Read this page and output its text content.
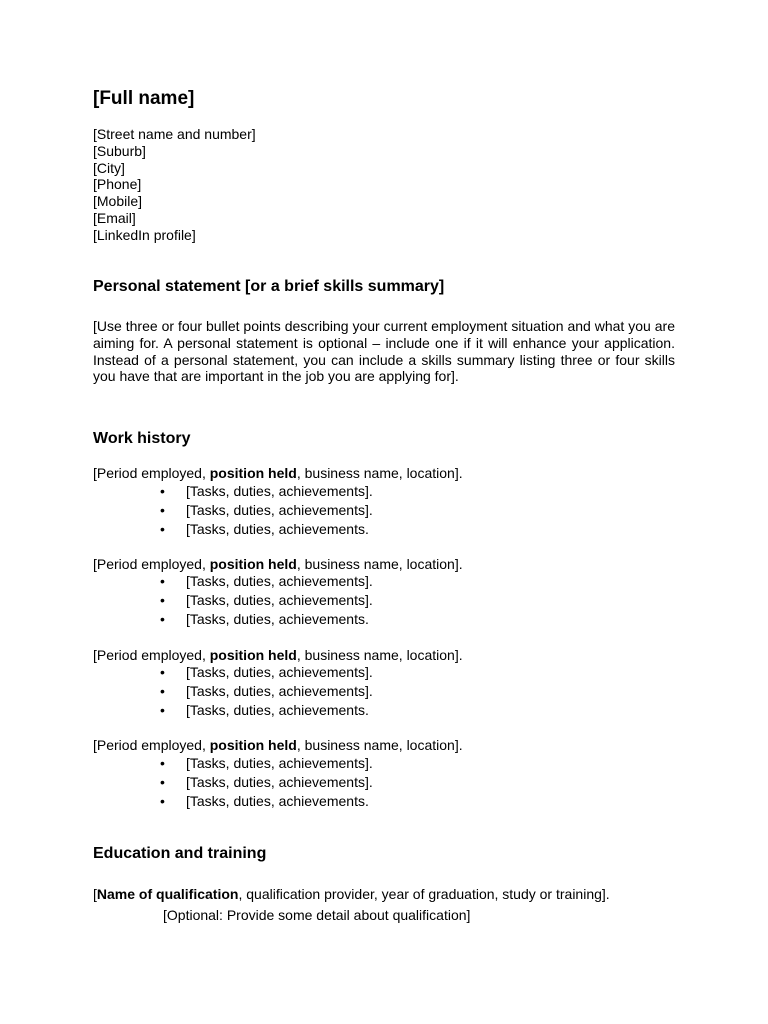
[Full name]
[Street name and number]
[Suburb]
[City]
[Phone]
[Mobile]
[Email]
[LinkedIn profile]
Personal statement [or a brief skills summary]

[Use three or four bullet points describing your current employment situation and what you are aiming for. A personal statement is optional – include one if it will enhance your application. Instead of a personal statement, you can include a skills summary listing three or four skills you have that are important in the job you are applying for].

Work history
[Period employed, position held, business name, location].
• [Tasks, duties, achievements].
• [Tasks, duties, achievements].
• [Tasks, duties, achievements.
[Period employed, position held, business name, location].
• [Tasks, duties, achievements].
• [Tasks, duties, achievements].
• [Tasks, duties, achievements.
[Period employed, position held, business name, location].
• [Tasks, duties, achievements].
• [Tasks, duties, achievements].
• [Tasks, duties, achievements.
[Period employed, position held, business name, location].
• [Tasks, duties, achievements].
• [Tasks, duties, achievements].
• [Tasks, duties, achievements.
Education and training
[Name of qualification, qualification provider, year of graduation, study or training].
[Optional: Provide some detail about qualification]
